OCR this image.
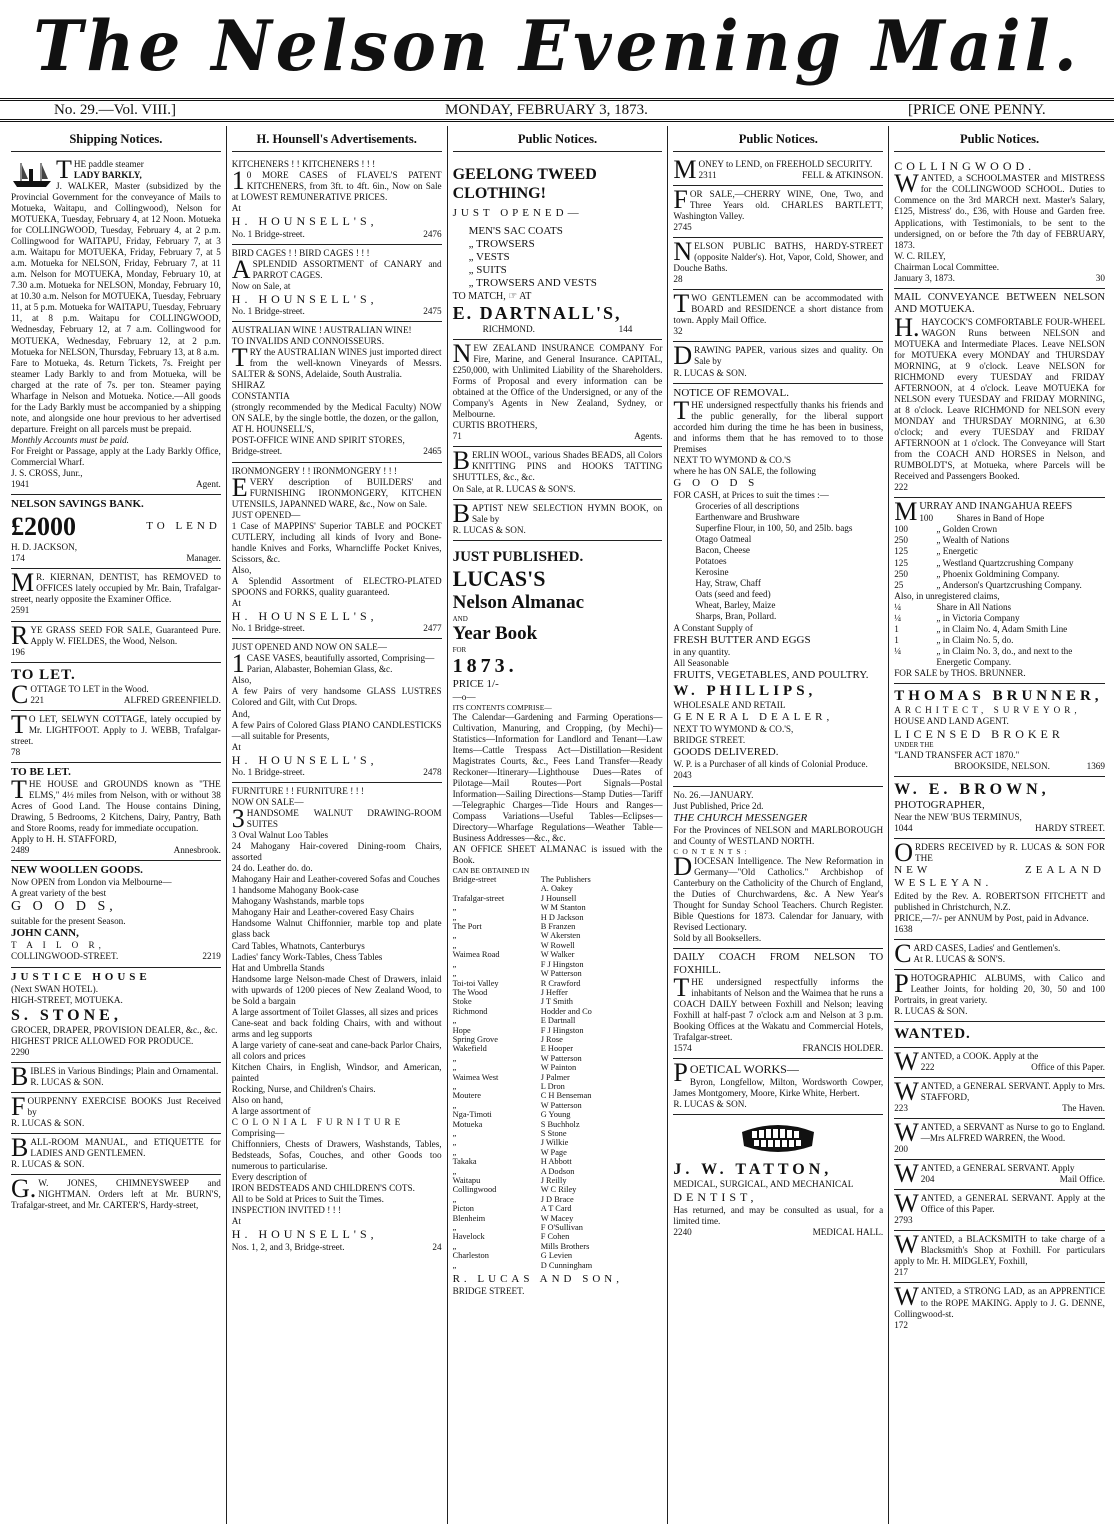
The Nelson Evening Mail.
No. 29.—Vol. VIII.]	MONDAY, FEBRUARY 3, 1873.	[PRICE ONE PENNY.
Shipping Notices.

THE paddle steamer

LADY BARKLY,

J. WALKER, Master (subsidized by the Provincial Government for the conveyance of Mails to Motueka, Waitapu, and Collingwood), Nelson for MOTUEKA, Tuesday, February 4, at 12 Noon. Motueka for COLLINGWOOD, Tuesday, February 4, at 2 p.m. Collingwood for WAITAPU, Friday, February 7, at 3 a.m. Waitapu for MOTUEKA, Friday, February 7, at 5 a.m. Motueka for NELSON, Friday, February 7, at 11 a.m. Nelson for MOTUEKA, Monday, February 10, at 7.30 a.m. Motueka for NELSON, Monday, February 10, at 10.30 a.m. Nelson for MOTUEKA, Tuesday, February 11, at 5 p.m. Motueka for WAITAPU, Tuesday, February 11, at 8 p.m. Waitapu for COLLINGWOOD, Wednesday, February 12, at 7 a.m. Collingwood for MOTUEKA, Wednesday, February 12, at 2 p.m. Motueka for NELSON, Thursday, February 13, at 8 a.m.

Fare to Motueka, 4s. Return Tickets, 7s. Freight per steamer Lady Barkly to and from Motueka, will be charged at the rate of 7s. per ton. Steamer paying Wharfage in Nelson and Motueka. Notice.—All goods for the Lady Barkly must be accompanied by a shipping note, and alongside one hour previous to her advertised departure. Freight on all parcels must be prepaid.

Monthly Accounts must be paid.

For Freight or Passage, apply at the Lady Barkly Office, Commercial Wharf.

J. S. CROSS, Junr.,

1941	Agent.

NELSON SAVINGS BANK.

£2000	TO LEND

H. D. JACKSON,

174	Manager.

MR. KIERNAN, DENTIST, has REMOVED to OFFICES lately occupied by Mr. Bain, Trafalgar-street, nearly opposite the Examiner Office.

2591

RYE GRASS SEED FOR SALE, Guaranteed Pure. Apply W. FIELDES, the Wood, Nelson.

196

TO LET.

COTTAGE TO LET in the Wood.

221	ALFRED GREENFIELD.

TO LET, SELWYN COTTAGE, lately occupied by Mr. LIGHTFOOT. Apply to J. WEBB, Trafalgar-street.

78

TO BE LET.

THE HOUSE and GROUNDS known as "THE ELMS," 4½ miles from Nelson, with or without 38 Acres of Good Land. The House contains Dining, Drawing, 5 Bedrooms, 2 Kitchens, Dairy, Pantry, Bath and Store Rooms, ready for immediate occupation.

Apply to H. H. STAFFORD,

2489	Annesbrook.

NEW WOOLLEN GOODS.

Now OPEN from London via Melbourne—

A great variety of the best

G O O D S,

suitable for the present Season.

JOHN CANN,

T A I L O R,

COLLINGWOOD-STREET.	2219

JUSTICE HOUSE

(Next SWAN HOTEL).

HIGH-STREET, MOTUEKA.

S. STONE,

GROCER, DRAPER, PROVISION DEALER, &c., &c.

HIGHEST PRICE ALLOWED FOR PRODUCE.

2290

BIBLES in Various Bindings; Plain and Ornamental.

R. LUCAS & SON.

FOURPENNY EXERCISE BOOKS Just Received by

R. LUCAS & SON.

BALL-ROOM MANUAL, and ETIQUETTE for LADIES AND GENTLEMEN.

R. LUCAS & SON.

G.W. JONES, CHIMNEYSWEEP and NIGHTMAN. Orders left at Mr. BURN'S, Trafalgar-street, and Mr. CARTER'S, Hardy-street,

H. Hounsell's Advertisements.

KITCHENERS ! ! KITCHENERS ! ! !

10 MORE CASES of FLAVEL'S PATENT KITCHENERS, from 3ft. to 4ft. 6in., Now on Sale at LOWEST REMUNERATIVE PRICES.

At

H. HOUNSELL'S,

No. 1 Bridge-street.	2476

BIRD CAGES ! ! BIRD CAGES ! ! !

ASPLENDID ASSORTMENT of CANARY and PARROT CAGES.

Now on Sale, at

H. HOUNSELL'S,

No. 1 Bridge-street.	2475

AUSTRALIAN WINE ! AUSTRALIAN WINE!

TO INVALIDS AND CONNOISSEURS.

TRY the AUSTRALIAN WINES just imported direct from the well-known Vineyards of Messrs. SALTER & SONS, Adelaide, South Australia.

SHIRAZ

CONSTANTIA

(strongly recommended by the Medical Faculty) NOW ON SALE, by the single bottle, the dozen, or the gallon,

AT H. HOUNSELL'S,

POST-OFFICE WINE AND SPIRIT STORES,

Bridge-street.	2465

IRONMONGERY ! ! IRONMONGERY ! ! !

EVERY description of BUILDERS' and FURNISHING IRONMONGERY, KITCHEN UTENSILS, JAPANNED WARE, &c., Now on Sale.

JUST OPENED—

1 Case of MAPPINS' Superior TABLE and POCKET CUTLERY, including all kinds of Ivory and Bone-handle Knives and Forks, Wharncliffe Pocket Knives, Scissors, &c.

Also,

A Splendid Assortment of ELECTRO-PLATED SPOONS and FORKS, quality guaranteed.

At

H. HOUNSELL'S,

No. 1 Bridge-street.	2477

JUST OPENED AND NOW ON SALE—

1CASE VASES, beautifully assorted, Comprising—

Parian, Alabaster, Bohemian Glass, &c.

Also,

A few Pairs of very handsome GLASS LUSTRES Colored and Gilt, with Cut Drops.

And,

A few Pairs of Colored Glass PIANO CANDLESTICKS—all suitable for Presents,

At

H. HOUNSELL'S,

No. 1 Bridge-street.	2478

FURNITURE ! ! FURNITURE ! ! !

NOW ON SALE—

3HANDSOME WALNUT DRAWING-ROOM SUITES

3 Oval Walnut Loo Tables

24 Mahogany Hair-covered Dining-room Chairs, assorted

24 do. Leather do. do.

Mahogany Hair and Leather-covered Sofas and Couches

1 handsome Mahogany Book-case

Mahogany Washstands, marble tops

Mahogany Hair and Leather-covered Easy Chairs

Handsome Walnut Chiffonnier, marble top and plate glass back

Card Tables, Whatnots, Canterburys

Ladies' fancy Work-Tables, Chess Tables

Hat and Umbrella Stands

Handsome large Nelson-made Chest of Drawers, inlaid with upwards of 1200 pieces of New Zealand Wood, to be Sold a bargain

A large assortment of Toilet Glasses, all sizes and prices

Cane-seat and back folding Chairs, with and without arms and leg supports

A large variety of cane-seat and cane-back Parlor Chairs, all colors and prices

Kitchen Chairs, in English, Windsor, and American, painted

Rocking, Nurse, and Children's Chairs.

Also on hand,

A large assortment of

COLONIAL FURNITURE

Comprising—

Chiffonniers, Chests of Drawers, Washstands, Tables, Bedsteads, Sofas, Couches, and other Goods too numerous to particularise.

Every description of

IRON BEDSTEADS AND CHILDREN'S COTS.

All to be Sold at Prices to Suit the Times.

INSPECTION INVITED ! ! !

At

H. HOUNSELL'S,

Nos. 1, 2, and 3, Bridge-street.	24
Public Notices.

GEELONG TWEED

CLOTHING!

JUST OPENED—

MEN'S SAC COATS

„ TROWSERS

„ VESTS

„ SUITS

„ TROWSERS AND VESTS

TO MATCH, ☞ AT

E. DARTNALL'S,

RICHMOND.	144

NEW ZEALAND INSURANCE COMPANY For Fire, Marine, and General Insurance. CAPITAL, £250,000, with Unlimited Liability of the Shareholders. Forms of Proposal and every information can be obtained at the Office of the Undersigned, or any of the Company's Agents in New Zealand, Sydney, or Melbourne.

CURTIS BROTHERS,

71	Agents.

BERLIN WOOL, various Shades BEADS, all Colors KNITTING PINS and HOOKS TATTING SHUTTLES, &c., &c.

On Sale, at R. LUCAS & SON'S.

BAPTIST NEW SELECTION HYMN BOOK, on Sale by

R. LUCAS & SON.

JUST PUBLISHED.

LUCAS'S

Nelson Almanac

AND

Year Book

FOR

1873.

PRICE 1/-

—o—

ITS CONTENTS COMPRISE—

The Calendar—Gardening and Farming Operations—Cultivation, Manuring, and Cropping, (by Mechi)—Statistics—Information for Landlord and Tenant—Law Items—Cattle Trespass Act—Distillation—Resident Magistrates Courts, &c., Fees Land Transfer—Ready Reckoner—Itinerary—Lighthouse Dues—Rates of Pilotage—Mail Routes—Port Signals—Postal Information—Sailing Directions—Stamp Duties—Tariff—Telegraphic Charges—Tide Hours and Ranges—Compass Variations—Useful Tables—Eclipses—Directory—Wharfage Regulations—Weather Table—Business Addresses—&c., &c.

AN OFFICE SHEET ALMANAC is issued with the Book.

CAN BE OBTAINED IN

Bridge-street	The Publishers
A. Oakey
Trafalgar-street	J Hounsell
„	W M Stanton
„	H D Jackson
The Port	B Franzen
„	W Akersten
„	W Rowell
Waimea Road	W Walker
„	F J Hingston
„	W Patterson
Toi-toi Valley	R Crawford
The Wood	J Heffer
Stoke	J T Smith
Richmond	Hodder and Co
„	E Dartnall
Hope	F J Hingston
Spring Grove	J Rose
Wakefield	E Hooper
„	W Patterson
„	W Painton
Waimea West	J Palmer
„	L Dron
Moutere	C H Benseman
„	W Patterson
Nga-Timoti	G Young
Motueka	S Buchholz
„	S Stone
„	J Wilkie
„	W Page
Takaka	H Abbott
„	A Dodson
Waitapu	J Reilly
Collingwood	W C Riley
„	J D Brace
Picton	A T Card
Blenheim	W Macey
„	F O'Sullivan
Havelock	F Cohen
„	Mills Brothers
Charleston	G Levien
„	D Cunningham

R. LUCAS AND SON,

BRIDGE STREET.

Public Notices.

MONEY to LEND, on FREEHOLD SECURITY.

2311	FELL & ATKINSON.

FOR SALE,—CHERRY WINE, One, Two, and Three Years old. CHARLES BARTLETT, Washington Valley.

2745

NELSON PUBLIC BATHS, HARDY-STREET (opposite Nalder's). Hot, Vapor, Cold, Shower, and Douche Baths.

28

TWO GENTLEMEN can be accommodated with BOARD and RESIDENCE a short distance from town. Apply Mail Office.

32

DRAWING PAPER, various sizes and quality. On Sale by

R. LUCAS & SON.

NOTICE OF REMOVAL.

THE undersigned respectfully thanks his friends and the public generally, for the liberal support accorded him during the time he has been in business, and informs them that he has removed to to those Premises

NEXT TO WYMOND & CO.'S

where he has ON SALE, the following

G O O D S

FOR CASH, at Prices to suit the times :—

Groceries of all descriptions

Earthenware and Brushware

Superfine Flour, in 100, 50, and 25lb. bags

Otago Oatmeal

Bacon, Cheese

Potatoes

Kerosine

Hay, Straw, Chaff

Oats (seed and feed)

Wheat, Barley, Maize

Sharps, Bran, Pollard.

A Constant Supply of

FRESH BUTTER AND EGGS

in any quantity.

All Seasonable

FRUITS, VEGETABLES, AND POULTRY.

W. PHILLIPS,

WHOLESALE AND RETAIL

GENERAL DEALER,

NEXT TO WYMOND & CO.'S,

BRIDGE STREET.

GOODS DELIVERED.

W. P. is a Purchaser of all kinds of Colonial Produce.

2043

No. 26.—JANUARY.

Just Published, Price 2d.

THE CHURCH MESSENGER

For the Provinces of NELSON and MARLBOROUGH and County of WESTLAND NORTH.

CONTENTS:

DIOCESAN Intelligence. The New Reformation in Germany—"Old Catholics." Archbishop of Canterbury on the Catholicity of the Church of England, the Duties of Churchwardens, &c. A New Year's Thought for Sunday School Teachers. Church Register. Bible Questions for 1873. Calendar for January, with Revised Lectionary.

Sold by all Booksellers.

DAILY COACH FROM NELSON TO FOXHILL.

THE undersigned respectfully informs the inhabitants of Nelson and the Waimea that he runs a COACH DAILY between Foxhill and Nelson; leaving Foxhill at half-past 7 o'clock a.m and Nelson at 3 p.m. Booking Offices at the Wakatu and Commercial Hotels, Trafalgar-street.

1574	FRANCIS HOLDER.

POETICAL WORKS—

Byron, Longfellow, Milton, Wordsworth Cowper, James Montgomery, Moore, Kirke White, Herbert.

R. LUCAS & SON.

J. W. TATTON,

MEDICAL, SURGICAL, AND MECHANICAL

DENTIST,

Has returned, and may be consulted as usual, for a limited time.

2240	MEDICAL HALL.
Public Notices.

COLLINGWOOD.

WANTED, a SCHOOLMASTER and MISTRESS for the COLLINGWOOD SCHOOL. Duties to Commence on the 3rd MARCH next. Master's Salary, £125, Mistress' do., £36, with House and Garden free. Applications, with Testimonials, to be sent to the undersigned, on or before the 7th day of FEBRUARY, 1873.

W. C. RILEY,

Chairman Local Committee.

January 3, 1873.	30

MAIL CONVEYANCE BETWEEN NELSON AND MOTUEKA.

H.HAYCOCK'S COMFORTABLE FOUR-WHEEL WAGON Runs between NELSON and MOTUEKA and Intermediate Places. Leave NELSON for MOTUEKA every MONDAY and THURSDAY MORNING, at 9 o'clock. Leave NELSON for RICHMOND every TUESDAY and FRIDAY AFTERNOON, at 4 o'clock. Leave MOTUEKA for NELSON every TUESDAY and FRIDAY MORNING, at 8 o'clock. Leave RICHMOND for NELSON every MONDAY and THURSDAY MORNING, at 6.30 o'clock; and every TUESDAY and FRIDAY AFTERNOON at 1 o'clock. The Conveyance will Start from the COACH AND HORSES in Nelson, and RUMBOLDT'S, at Motueka, where Parcels will be Received and Passengers Booked.

222

MURRAY AND INANGAHUA REEFS

100	Shares in Band of Hope
100	„ Golden Crown
250	„ Wealth of Nations
125	„ Energetic
125	„ Westland Quartzcrushing Company
250	„ Phoenix Goldmining Company.
25	„ Anderson's Quartzcrushing Company.

Also, in unregistered claims,

¼	Share in All Nations
¼	„ in Victoria Company
1	„ in Claim No. 4, Adam Smith Line
1	„ in Claim No. 5, do.
¼	„ in Claim No. 3, do., and next to the Energetic Company.

FOR SALE by THOS. BRUNNER.

THOMAS BRUNNER,

ARCHITECT, SURVEYOR,

HOUSE AND LAND AGENT.

LICENSED BROKER

UNDER THE

"LAND TRANSFER ACT 1870."

BROOKSIDE, NELSON.	1369

W. E. BROWN,

PHOTOGRAPHER,

Near the NEW 'BUS TERMINUS,

1044	HARDY STREET.

ORDERS RECEIVED by R. LUCAS & SON FOR THE

NEW ZEALAND WESLEYAN.

Edited by the Rev. A. ROBERTSON FITCHETT and published in Christchurch, N.Z.

PRICE,—7/- per ANNUM by Post, paid in Advance.

1638

CARD CASES, Ladies' and Gentlemen's.

At R. LUCAS & SON'S.

PHOTOGRAPHIC ALBUMS, with Calico and Leather Joints, for holding 20, 30, 50 and 100 Portraits, in great variety.

R. LUCAS & SON.

WANTED.

WANTED, a COOK. Apply at the

222	Office of this Paper.

WANTED, a GENERAL SERVANT. Apply to Mrs. STAFFORD,

223	The Haven.

WANTED, a SERVANT as Nurse to go to England.—Mrs ALFRED WARREN, the Wood.

200

WANTED, a GENERAL SERVANT. Apply

204	Mail Office.

WANTED, a GENERAL SERVANT. Apply at the Office of this Paper.

2793

WANTED, a BLACKSMITH to take charge of a Blacksmith's Shop at Foxhill. For particulars apply to Mr. H. MIDGLEY, Foxhill,

217

WANTED, a STRONG LAD, as an APPRENTICE to the ROPE MAKING. Apply to J. G. DENNE, Collingwood-st.

172
